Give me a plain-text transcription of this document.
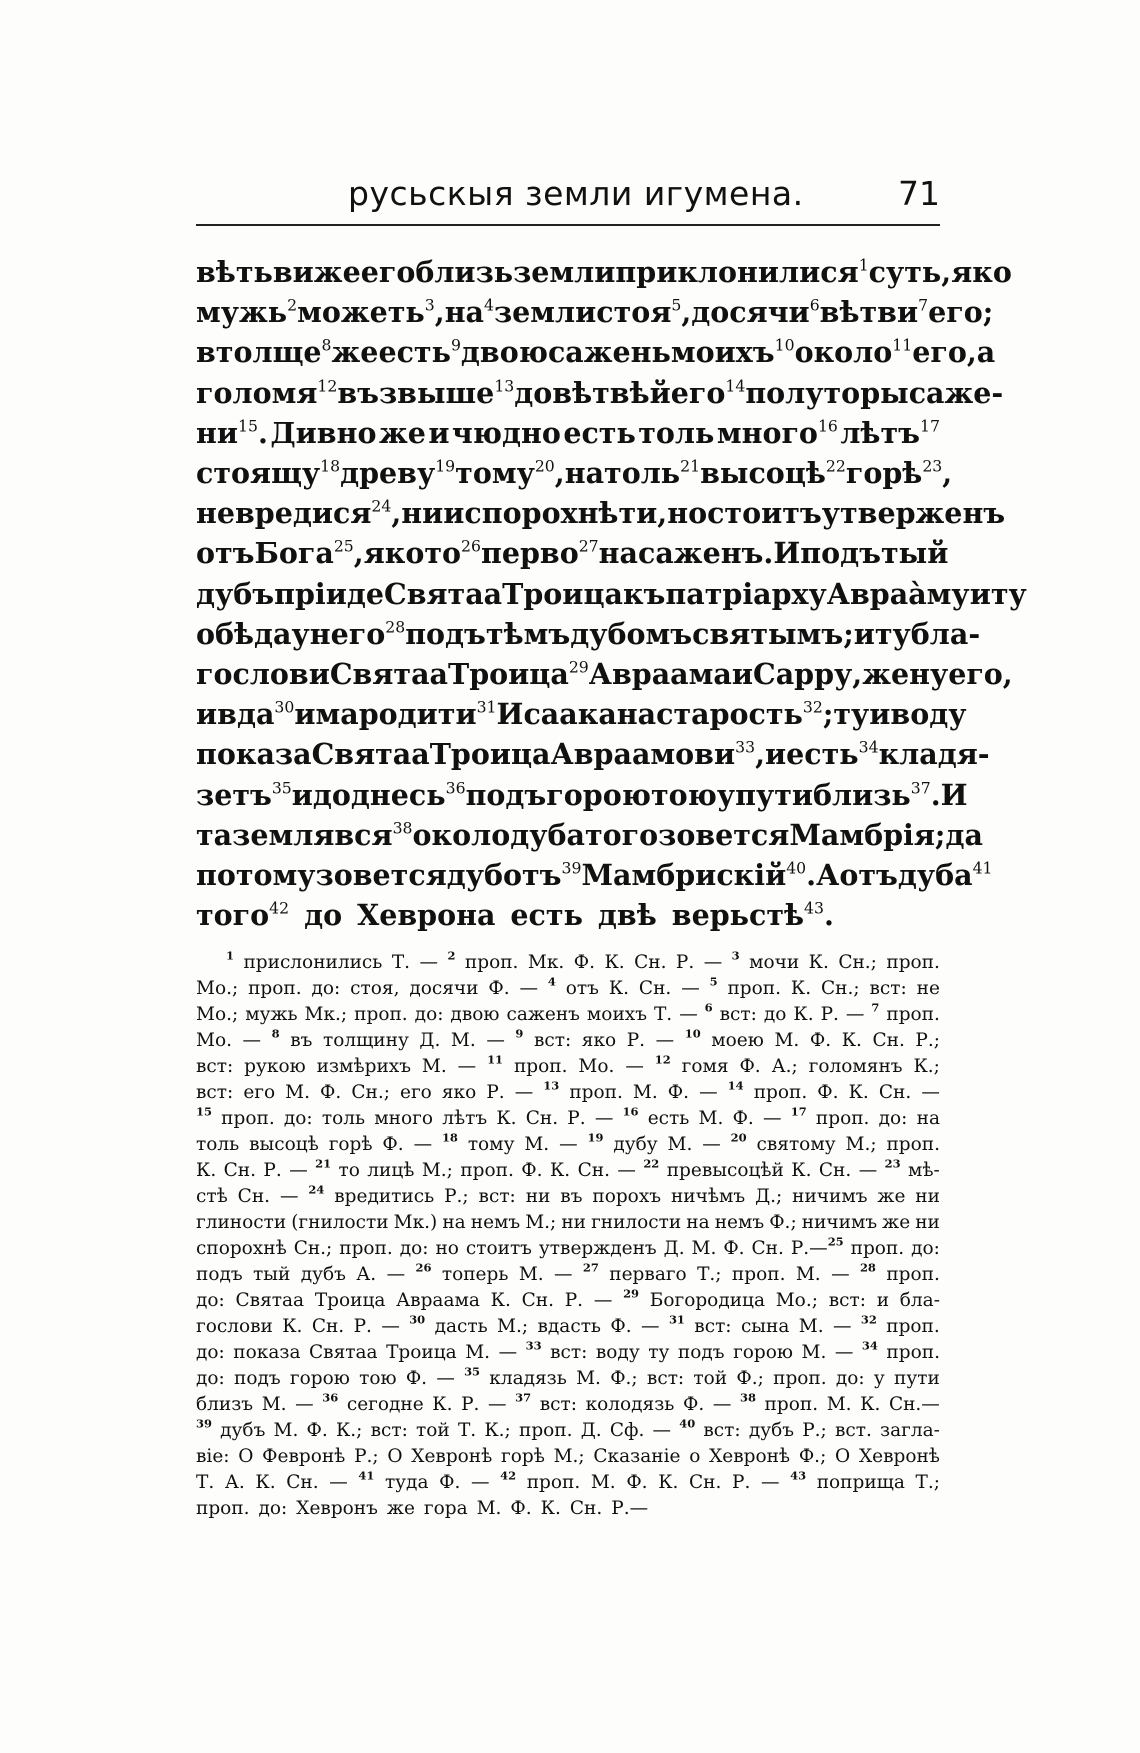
русьскыя земли игумена.	71
вѣтьви же его близь земли приклонилися$^1$ суть, яко
мужь$^2$ можеть$^3$, $на^4$ земли стоя$^5$, досячи$^6$ вѣтви$^7$ его;
втолще$^8$ же есть$^9$ двою сажень моихъ$^{10}$ около$^{11}$ его, а
голомя$^{12}$ възвыше$^{13}$ до вѣтвѣй его$^{14}$ полуторы саже-
$ни^{15}$. Дивно же и чюдно есть толь много$^{16}$ лѣтъ$^{17}$
стоящу$^{18}$ древу$^{19}$ тому$^{20}$, на толь$^{21}$ высоцѣ$^{22}$ горѣ$^{23}$,
не вредися$^{24}$, ни испорохнѣти, но стоитъ утверженъ
отъ Бога$^{25}$, яко $то^{26}$ перво$^{27}$ насаженъ. И подъ тый
дубъ пріиде Святаа Троица къ патріарху Авраàму и ту
обѣда у него$^{28}$ подъ тѣмъ дубомъ святымъ; и ту бла-
гослови Святаа Троица$^{29}$ Авраама и Сарру, жену его,
и вда$^{30}$ има родити$^{31}$ Исаака на старость$^{32}$; ту и воду
показа Святаа Троица Авраамови$^{33}$, и есть$^{34}$ кладя-
зетъ$^{35}$ и доднесь$^{36}$ подъ горою тою у пути близь$^{37}$. И
та земля вся$^{38}$ около дуба того зовется Мамбрія; да
потому зовется дуботъ$^{39}$ Мамбрискій$^{40}$. А отъ дуба$^{41}$
того$^{42}$ до Хеврона есть двѣ верьстѣ$^{43}$.
$^1$ прислонились Т. — $^2$ проп. Мк. Ф. К. Сн. Р. — $^3$ мочи К. Сн.; проп.
Мо.; проп. до: стоя, досячи Ф. — $^4$ отъ К. Сн. — $^5$ проп. К. Сн.; вст: не
Мо.; мужь Мк.; проп. до: двою саженъ моихъ Т. — $^6$ вст: до К. Р. — $^7$ проп.
Мо. — $^8$ въ толщину Д. М. — $^9$ вст: яко Р. — $^{10}$ моею М. Ф. К. Сн. Р.;
вст: рукою измѣрихъ М. — $^{11}$ проп. Мо. — $^{12}$ гомя Ф. А.; голомянъ К.;
вст: его М. Ф. Сн.; его яко Р. — $^{13}$ проп. М. Ф. — $^{14}$ проп. Ф. К. Сн. —
$^{15}$ проп. до: толь много лѣтъ К. Сн. Р. — $^{16}$ есть М. Ф. — $^{17}$ проп. до: на
толь высоцѣ горѣ Ф. — $^{18}$ тому М. — $^{19}$ дубу М. — $^{20}$ святому М.; проп.
К. Сн. Р. — $^{21}$ то лицѣ М.; проп. Ф. К. Сн. — $^{22}$ превысоцѣй К. Сн. — $^{23}$ мѣ-
стѣ Сн. — $^{24}$ вредитись Р.; вст: ни въ порохъ ничѣмъ Д.; ничимъ же ни
глиности (гнилости Мк.) на немъ М.; ни гнилости на немъ Ф.; ничимъ же ни
спорохнѣ Сн.; проп. до: но стоитъ утвержденъ Д. М. Ф. Сн. Р.—$^{25}$ проп. до:
подъ тый дубъ А. — $^{26}$ топерь М. — $^{27}$ перваго Т.; проп. М. — $^{28}$ проп.
до: Святаа Троица Авраама К. Сн. Р. — $^{29}$ Богородица Мо.; вст: и бла-
гослови К. Сн. Р. — $^{30}$ дасть М.; вдасть Ф. — $^{31}$ вст: сына М. — $^{32}$ проп.
до: показа Святаа Троица М. — $^{33}$ вст: воду ту подъ горою М. — $^{34}$ проп.
до: подъ горою тою Ф. — $^{35}$ кладязь М. Ф.; вст: той Ф.; проп. до: у пути
близъ М. — $^{36}$ сегодне К. Р. — $^{37}$ вст: колодязь Ф. — $^{38}$ проп. М. К. Сн.—
$^{39}$ дубъ М. Ф. К.; вст: той Т. К.; проп. Д. Сф. — $^{40}$ вст: дубъ Р.; вст. заглa-
віе: О Февронѣ Р.; О Хевронѣ горѣ М.; Сказаніе о Хевронѣ Ф.; О Хевронѣ
Т. А. К. Сн. — $^{41}$ туда Ф. — $^{42}$ проп. М. Ф. К. Сн. Р. — $^{43}$ поприща Т.;
проп. до: Хевронъ же гора М. Ф. К. Сн. Р.—
